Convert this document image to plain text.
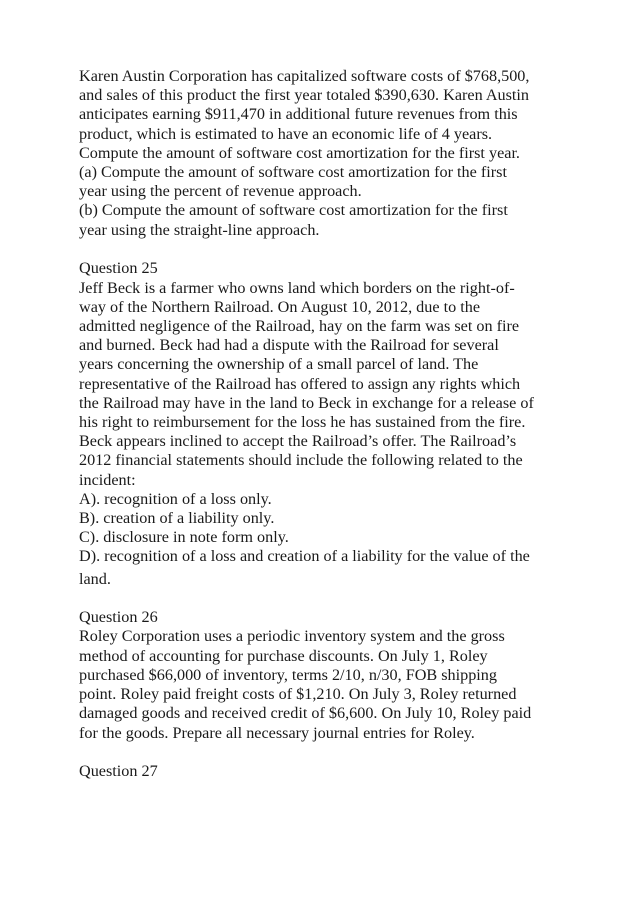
Karen Austin Corporation has capitalized software costs of $768,500,
and sales of this product the first year totaled $390,630. Karen Austin
anticipates earning $911,470 in additional future revenues from this
product, which is estimated to have an economic life of 4 years.
Compute the amount of software cost amortization for the first year.
(a) Compute the amount of software cost amortization for the first
year using the percent of revenue approach.
(b) Compute the amount of software cost amortization for the first
year using the straight-line approach.
Question 25
Jeff Beck is a farmer who owns land which borders on the right-of-
way of the Northern Railroad. On August 10, 2012, due to the
admitted negligence of the Railroad, hay on the farm was set on fire
and burned. Beck had had a dispute with the Railroad for several
years concerning the ownership of a small parcel of land. The
representative of the Railroad has offered to assign any rights which
the Railroad may have in the land to Beck in exchange for a release of
his right to reimbursement for the loss he has sustained from the fire.
Beck appears inclined to accept the Railroad’s offer. The Railroad’s
2012 financial statements should include the following related to the
incident:
A). recognition of a loss only.
B). creation of a liability only.
C). disclosure in note form only.
D). recognition of a loss and creation of a liability for the value of the
land.
Question 26
Roley Corporation uses a periodic inventory system and the gross
method of accounting for purchase discounts. On July 1, Roley
purchased $66,000 of inventory, terms 2/10, n/30, FOB shipping
point. Roley paid freight costs of $1,210. On July 3, Roley returned
damaged goods and received credit of $6,600. On July 10, Roley paid
for the goods. Prepare all necessary journal entries for Roley.
Question 27
